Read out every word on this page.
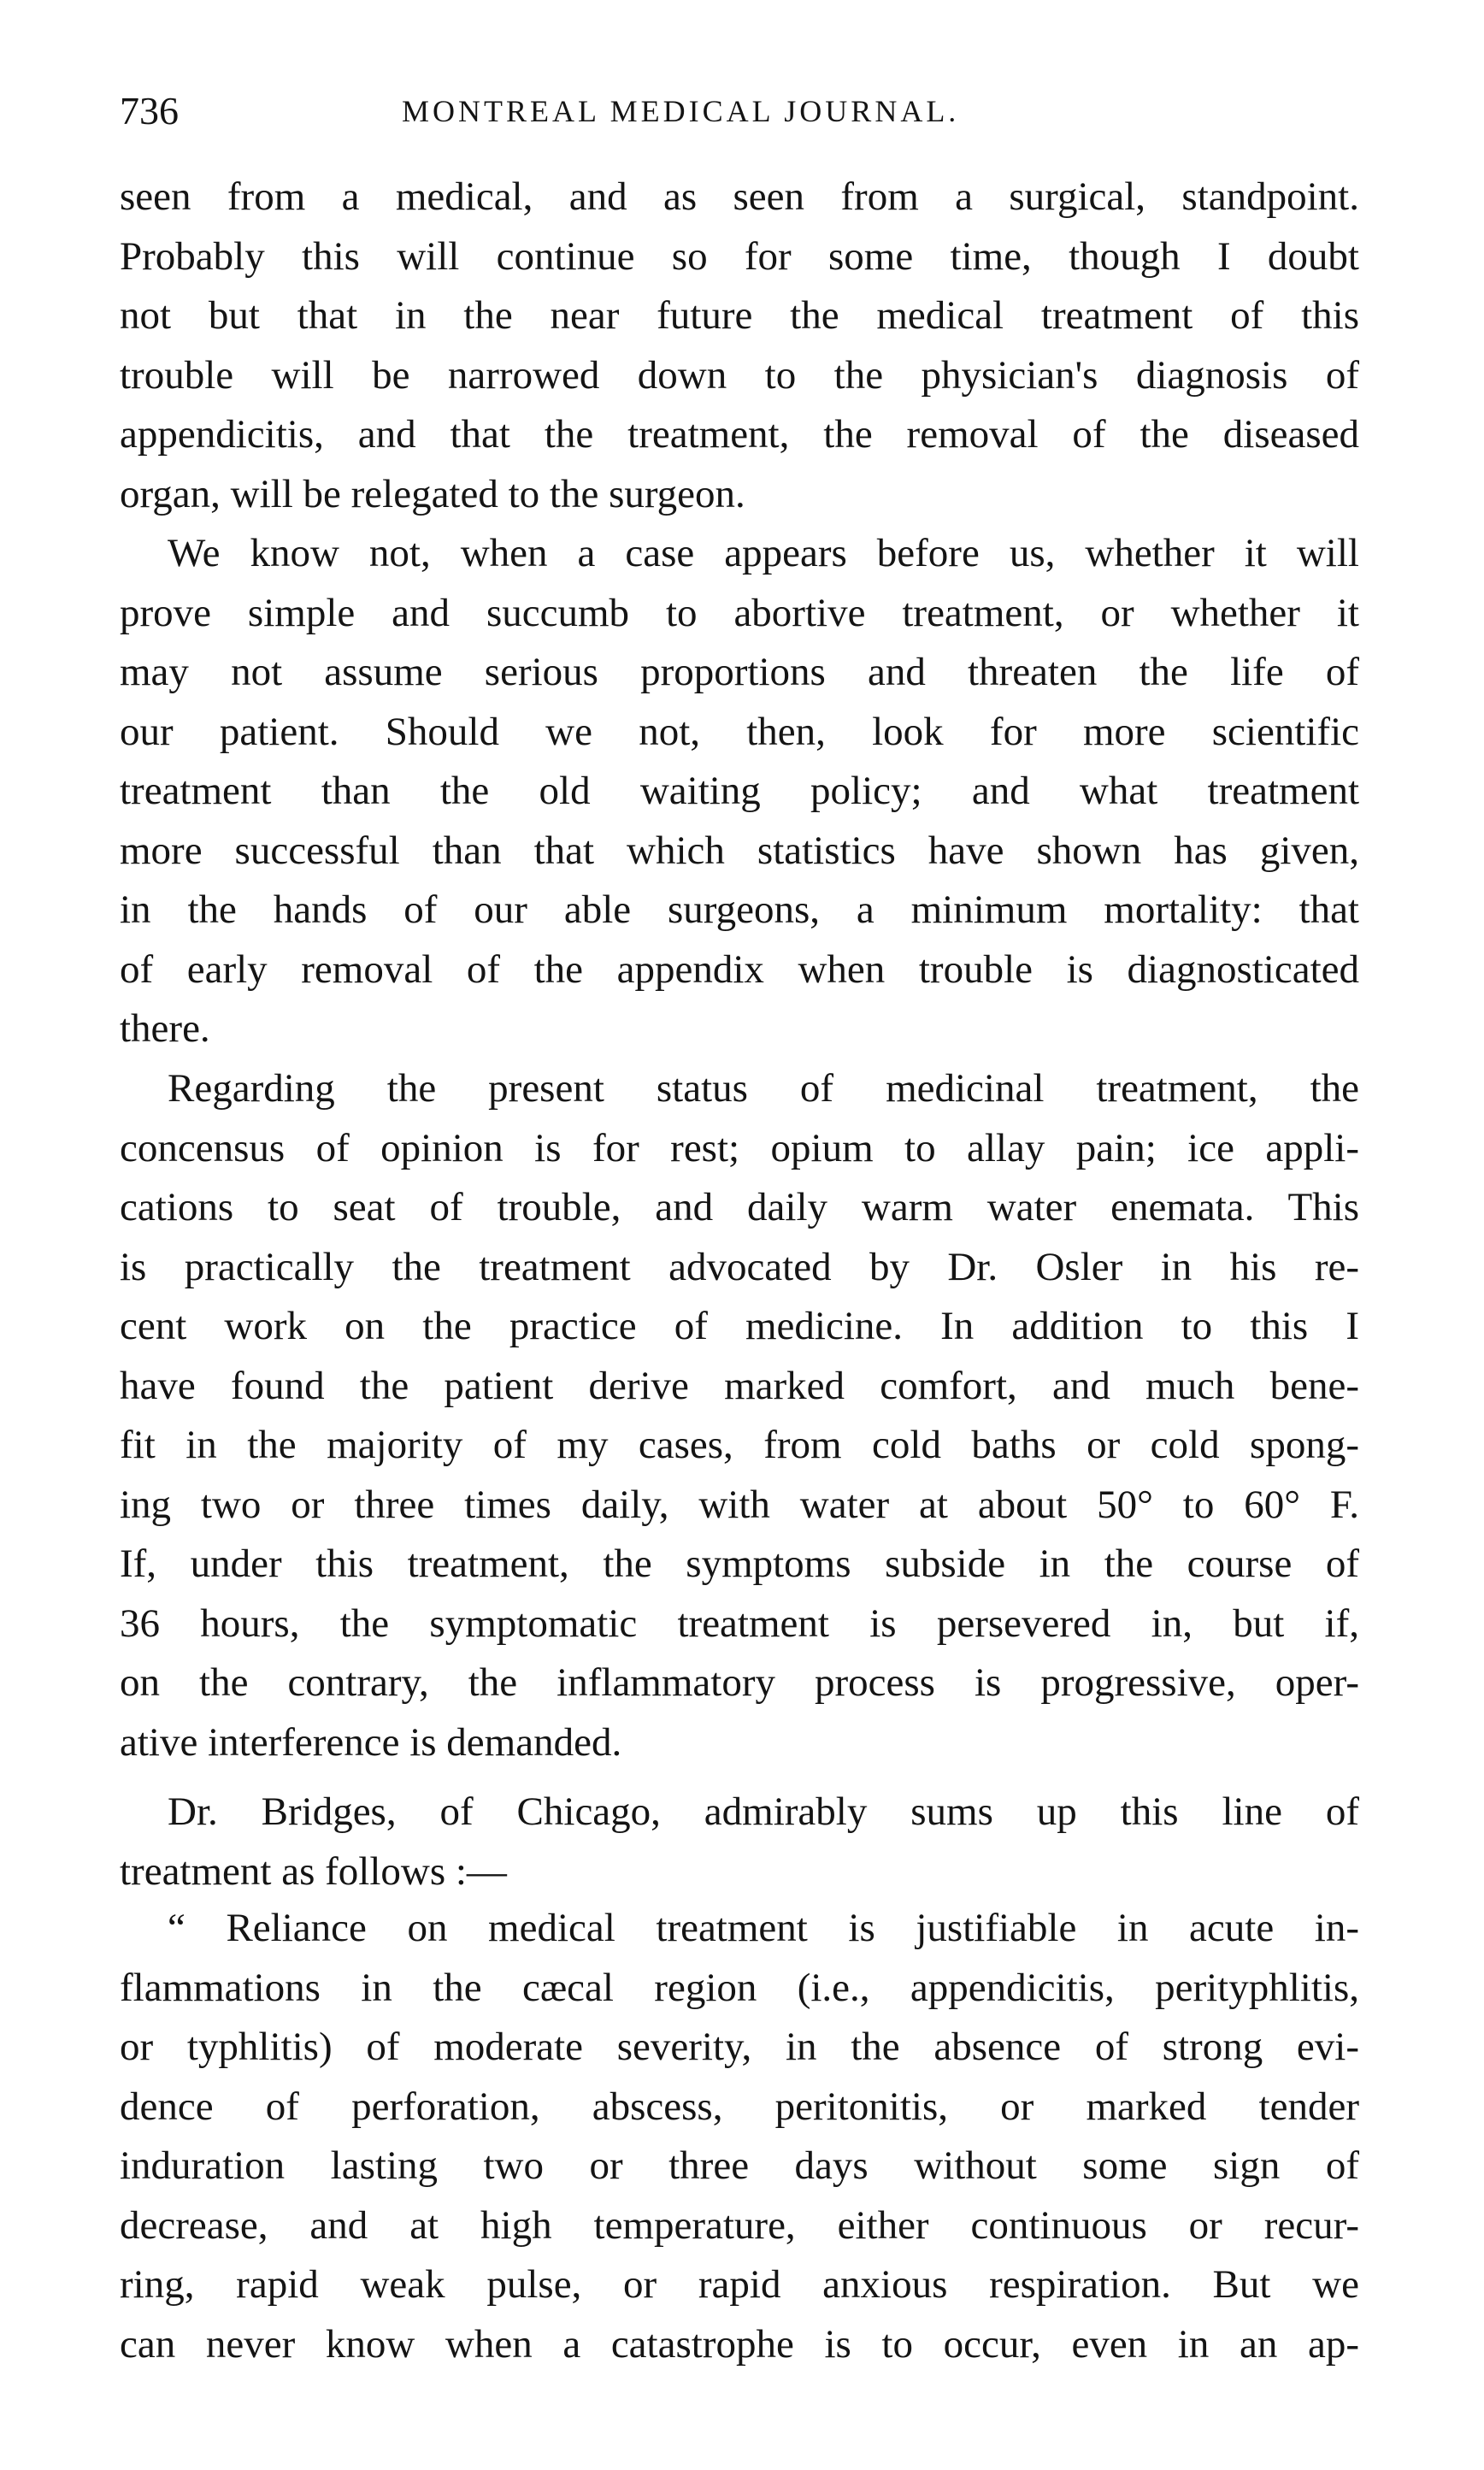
736	MONTREAL MEDICAL JOURNAL.
seen from a medical, and as seen from a surgical, standpoint.
Probably this will continue so for some time, though I doubt
not but that in the near future the medical treatment of this
trouble will be narrowed down to the physician's diagnosis of
appendicitis, and that the treatment, the removal of the diseased
organ, will be relegated to the surgeon.
We know not, when a case appears before us, whether it will
prove simple and succumb to abortive treatment, or whether it
may not assume serious proportions and threaten the life of
our patient. Should we not, then, look for more scientific
treatment than the old waiting policy; and what treatment
more successful than that which statistics have shown has given,
in the hands of our able surgeons, a minimum mortality: that
of early removal of the appendix when trouble is diagnosticated
there.
Regarding the present status of medicinal treatment, the
concensus of opinion is for rest; opium to allay pain; ice appli-
cations to seat of trouble, and daily warm water enemata. This
is practically the treatment advocated by Dr. Osler in his re-
cent work on the practice of medicine. In addition to this I
have found the patient derive marked comfort, and much bene-
fit in the majority of my cases, from cold baths or cold spong-
ing two or three times daily, with water at about 50° to 60° F.
If, under this treatment, the symptoms subside in the course of
36 hours, the symptomatic treatment is persevered in, but if,
on the contrary, the inflammatory process is progressive, oper-
ative interference is demanded.
Dr. Bridges, of Chicago, admirably sums up this line of
treatment as follows :—
“ Reliance on medical treatment is justifiable in acute in-
flammations in the cæcal region (i.e., appendicitis, perityphlitis,
or typhlitis) of moderate severity, in the absence of strong evi-
dence of perforation, abscess, peritonitis, or marked tender
induration lasting two or three days without some sign of
decrease, and at high temperature, either continuous or recur-
ring, rapid weak pulse, or rapid anxious respiration. But we
can never know when a catastrophe is to occur, even in an ap-
